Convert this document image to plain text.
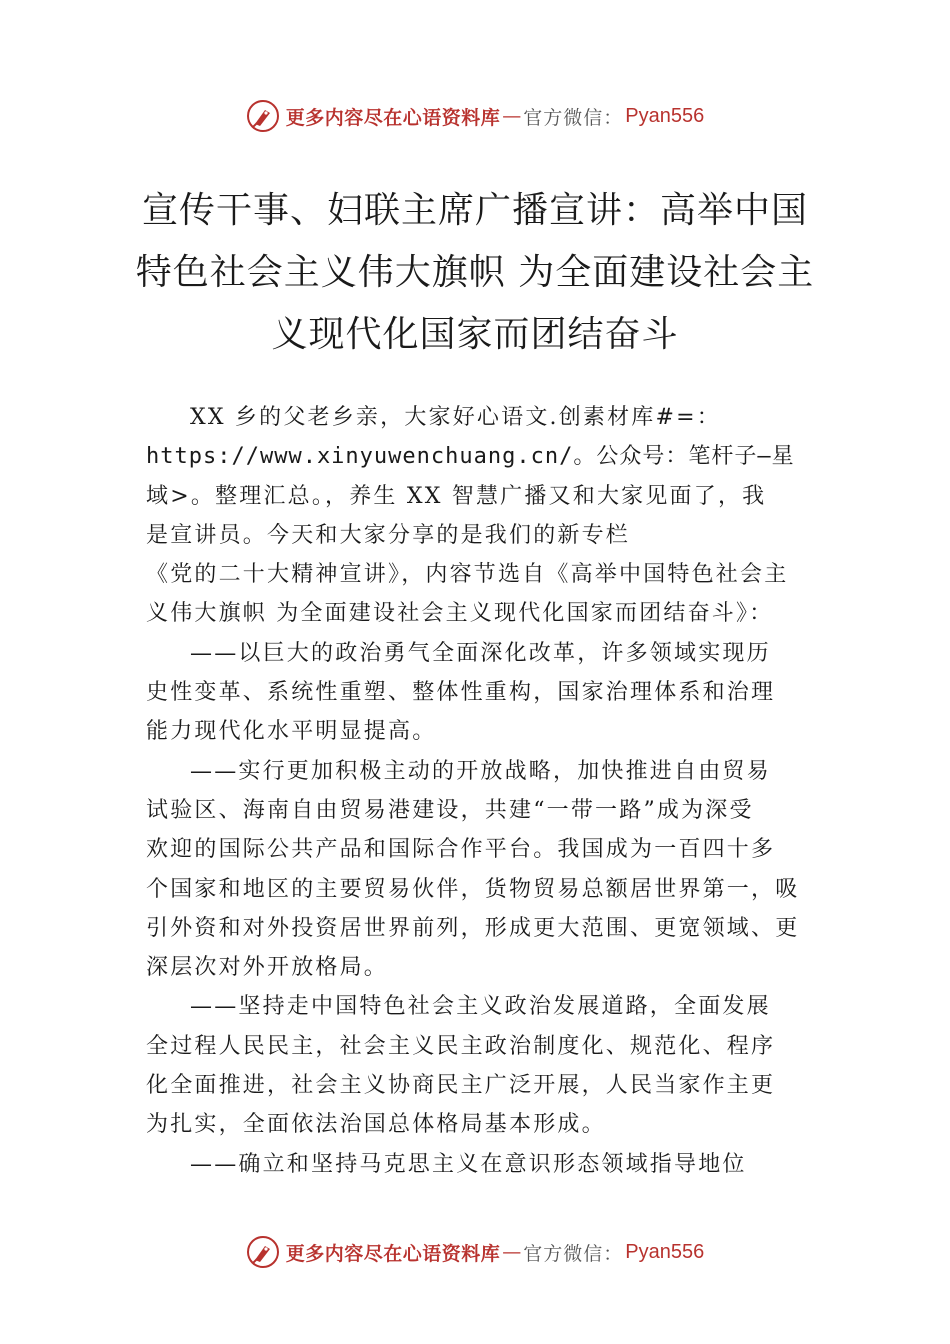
更多内容尽在心语资料库 — 官方微信： Pyan556
宣传干事、妇联主席广播宣讲：高举中国
特色社会主义伟大旗帜 为全面建设社会主
义现代化国家而团结奋斗
XX 乡的父老乡亲，大家好心语文.创素材库#=：
https://www.xinyuwenchuang.cn/。公众号：笔杆子—星
域>。整理汇总。，养生 XX 智慧广播又和大家见面了，我
是宣讲员。今天和大家分享的是我们的新专栏
《党的二十大精神宣讲》，内容节选自《高举中国特色社会主
义伟大旗帜 为全面建设社会主义现代化国家而团结奋斗》：
——以巨大的政治勇气全面深化改革，许多领域实现历
史性变革、系统性重塑、整体性重构，国家治理体系和治理
能力现代化水平明显提高。
——实行更加积极主动的开放战略，加快推进自由贸易
试验区、海南自由贸易港建设，共建“一带一路”成为深受
欢迎的国际公共产品和国际合作平台。我国成为一百四十多
个国家和地区的主要贸易伙伴，货物贸易总额居世界第一，吸
引外资和对外投资居世界前列，形成更大范围、更宽领域、更
深层次对外开放格局。
——坚持走中国特色社会主义政治发展道路，全面发展
全过程人民民主，社会主义民主政治制度化、规范化、程序
化全面推进，社会主义协商民主广泛开展，人民当家作主更
为扎实，全面依法治国总体格局基本形成。
——确立和坚持马克思主义在意识形态领域指导地位
更多内容尽在心语资料库 — 官方微信： Pyan556
